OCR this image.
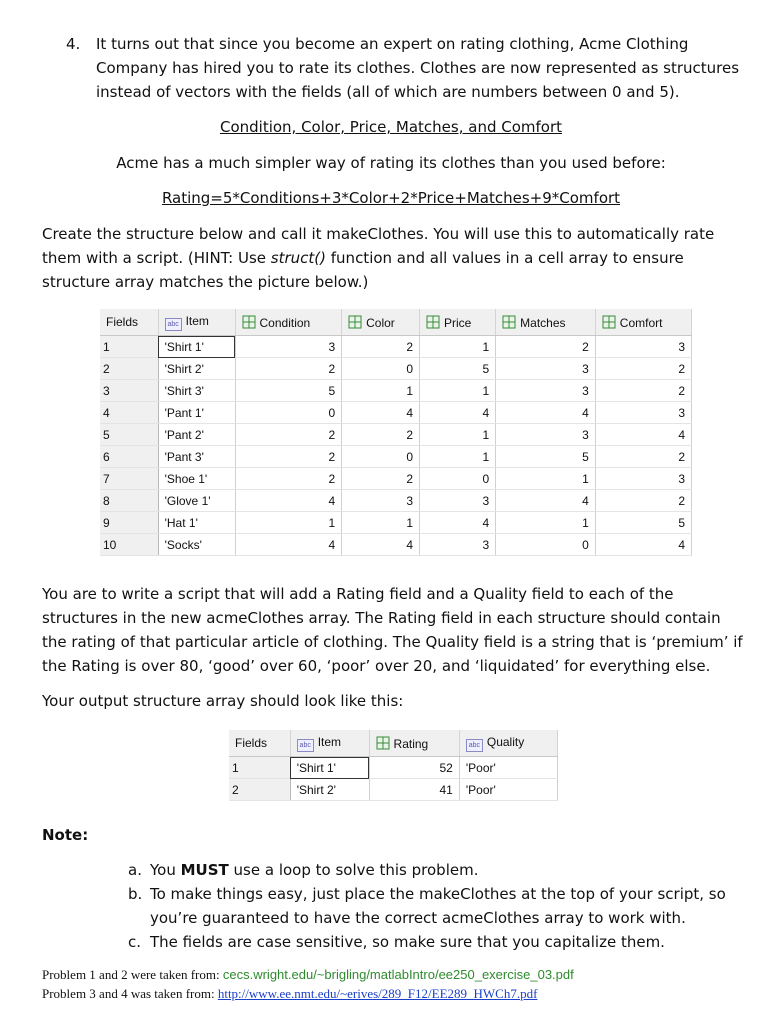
4. It turns out that since you become an expert on rating clothing, Acme Clothing Company has hired you to rate its clothes. Clothes are now represented as structures instead of vectors with the fields (all of which are numbers between 0 and 5).

Condition, Color, Price, Matches, and Comfort

Acme has a much simpler way of rating its clothes than you used before:

Rating=5*Conditions+3*Color+2*Price+Matches+9*Comfort

Create the structure below and call it makeClothes. You will use this to automatically rate them with a script. (HINT: Use struct() function and all values in a cell array to ensure structure array matches the picture below.)

Fields	abc Item	Condition	Color	Price	Matches	Comfort
1	'Shirt 1'	3	2	1	2	3
2	'Shirt 2'	2	0	5	3	2
3	'Shirt 3'	5	1	1	3	2
4	'Pant 1'	0	4	4	4	3
5	'Pant 2'	2	2	1	3	4
6	'Pant 3'	2	0	1	5	2
7	'Shoe 1'	2	2	0	1	3
8	'Glove 1'	4	3	3	4	2
9	'Hat 1'	1	1	4	1	5
10	'Socks'	4	4	3	0	4

You are to write a script that will add a Rating field and a Quality field to each of the structures in the new acmeClothes array. The Rating field in each structure should contain the rating of that particular article of clothing. The Quality field is a string that is ‘premium’ if the Rating is over 80, ‘good’ over 60, ‘poor’ over 20, and ‘liquidated’ for everything else.

Your output structure array should look like this:

Fields	abc Item	Rating	abc Quality
1	'Shirt 1'	52	'Poor'
2	'Shirt 2'	41	'Poor'
Note:
a. You MUST use a loop to solve this problem.
b. To make things easy, just place the makeClothes at the top of your script, so you’re guaranteed to have the correct acmeClothes array to work with.
c. The fields are case sensitive, so make sure that you capitalize them.
Problem 1 and 2 were taken from: cecs.wright.edu/~brigling/matlabIntro/ee250_exercise_03.pdf
Problem 3 and 4 was taken from: http://www.ee.nmt.edu/~erives/289_F12/EE289_HWCh7.pdf
